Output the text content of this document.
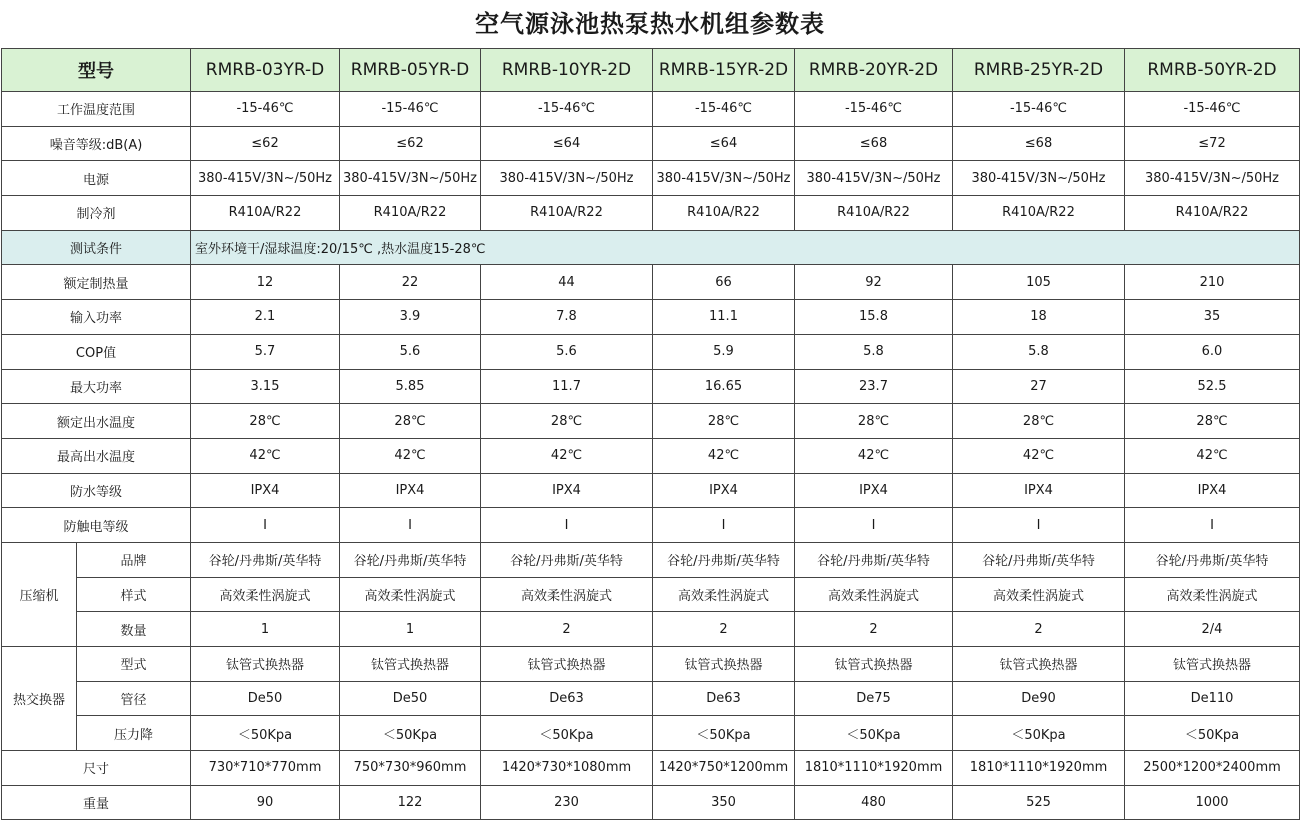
空气源泳池热泵热水机组参数表
型号		RMRB-03YR-D	RMRB-05YR-D	RMRB-10YR-2D	RMRB-15YR-2D	RMRB-20YR-2D	RMRB-25YR-2D	RMRB-50YR-2D
工作温度范围		-15-46℃	-15-46℃	-15-46℃	-15-46℃	-15-46℃	-15-46℃	-15-46℃
噪音等级:dB(A)		≤62	≤62	≤64	≤64	≤68	≤68	≤72
电源		380-415V/3N~/50Hz	380-415V/3N~/50Hz	380-415V/3N~/50Hz	380-415V/3N~/50Hz	380-415V/3N~/50Hz	380-415V/3N~/50Hz	380-415V/3N~/50Hz
制冷剂		R410A/R22	R410A/R22	R410A/R22	R410A/R22	R410A/R22	R410A/R22	R410A/R22
测试条件		室外环境干/湿球温度:20/15℃ ,热水温度15-28℃						
额定制热量		12	22	44	66	92	105	210
输入功率		2.1	3.9	7.8	11.1	15.8	18	35
COP值		5.7	5.6	5.6	5.9	5.8	5.8	6.0
最大功率		3.15	5.85	11.7	16.65	23.7	27	52.5
额定出水温度		28℃	28℃	28℃	28℃	28℃	28℃	28℃
最高出水温度		42℃	42℃	42℃	42℃	42℃	42℃	42℃
防水等级		IPX4	IPX4	IPX4	IPX4	IPX4	IPX4	IPX4
防触电等级		I	I	I	I	I	I	I
压缩机	品牌	谷轮/丹弗斯/英华特	谷轮/丹弗斯/英华特	谷轮/丹弗斯/英华特	谷轮/丹弗斯/英华特	谷轮/丹弗斯/英华特	谷轮/丹弗斯/英华特	谷轮/丹弗斯/英华特
	样式	高效柔性涡旋式	高效柔性涡旋式	高效柔性涡旋式	高效柔性涡旋式	高效柔性涡旋式	高效柔性涡旋式	高效柔性涡旋式
	数量	1	1	2	2	2	2	2/4
热交换器	型式	钛管式换热器	钛管式换热器	钛管式换热器	钛管式换热器	钛管式换热器	钛管式换热器	钛管式换热器
	管径	De50	De50	De63	De63	De75	De90	De110
	压力降	＜50Kpa	＜50Kpa	＜50Kpa	＜50Kpa	＜50Kpa	＜50Kpa	＜50Kpa
尺寸		730*710*770mm	750*730*960mm	1420*730*1080mm	1420*750*1200mm	1810*1110*1920mm	1810*1110*1920mm	2500*1200*2400mm
重量		90	122	230	350	480	525	1000
